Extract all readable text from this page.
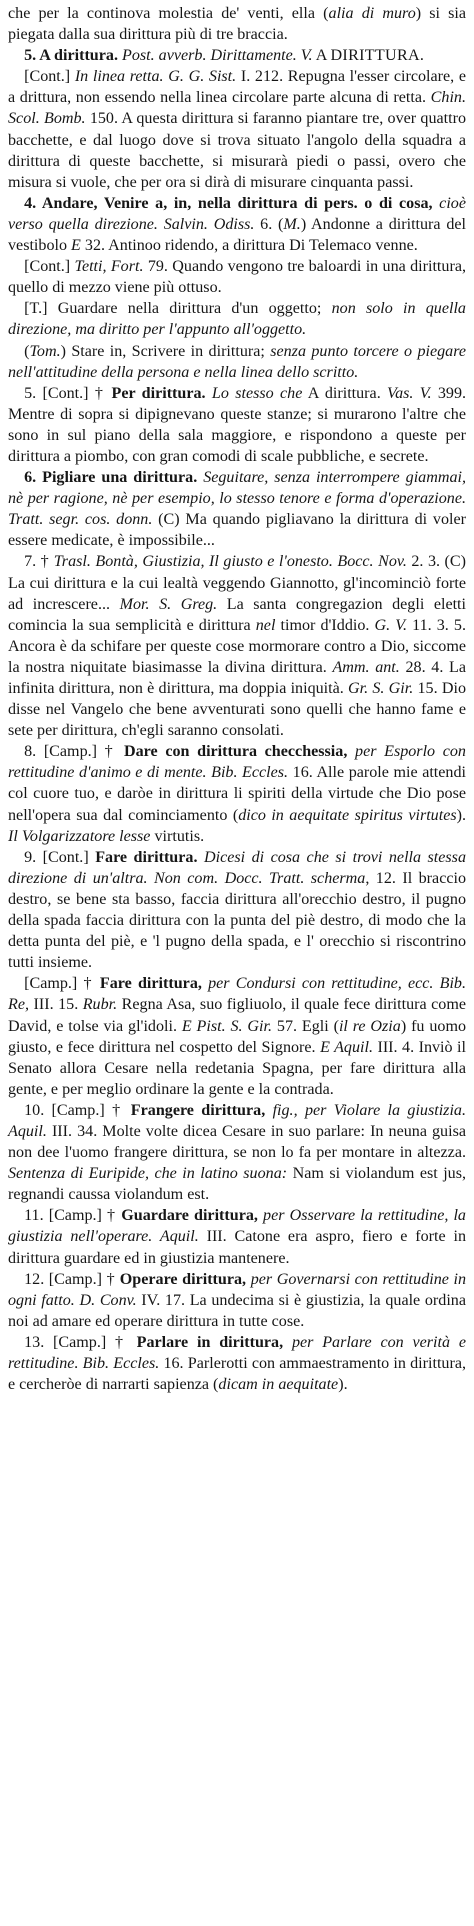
che per la continova molestia de' venti, ella (alia di muro) si sia piegata dalla sua dirittura più di tre braccia.

5. A dirittura. Post. avverb. Dirittamente. V. A DIRITTURA.

[Cont.] In linea retta. G. G. Sist. I. 212. Repugna l'esser circolare, e a drittura, non essendo nella linea circolare parte alcuna di retta. Chin. Scol. Bomb. 150. A questa dirittura si faranno piantare tre, over quattro bacchette, e dal luogo dove si trova situato l'angolo della squadra a dirittura di queste bacchette, si misurarà piedi o passi, overo che misura si vuole, che per ora si dirà di misurare cinquanta passi.

4. Andare, Venire a, in, nella dirittura di pers. o di cosa, cioè verso quella direzione. Salvin. Odiss. 6. (M.) Andonne a dirittura del vestibolo E 32. Antinoo ridendo, a dirittura Di Telemaco venne.

[Cont.] Tetti, Fort. 79. Quando vengono tre baloardi in una dirittura, quello di mezzo viene più ottuso.

[T.] Guardare nella dirittura d'un oggetto; non solo in quella direzione, ma diritto per l'appunto all'oggetto.

(Tom.) Stare in, Scrivere in dirittura; senza punto torcere o piegare nell'attitudine della persona e nella linea dello scritto.

5. [Cont.] † Per dirittura. Lo stesso che A dirittura. Vas. V. 399. Mentre di sopra si dipignevano queste stanze; si murarono l'altre che sono in sul piano della sala maggiore, e rispondono a queste per dirittura a piombo, con gran comodi di scale pubbliche, e secrete.

6. Pigliare una dirittura. Seguitare, senza interrompere giammai, nè per ragione, nè per esempio, lo stesso tenore e forma d'operazione. Tratt. segr. cos. donn. (C) Ma quando pigliavano la dirittura di voler essere medicate, è impossibile...

7. † Trasl. Bontà, Giustizia, Il giusto e l'onesto. Bocc. Nov. 2. 3. (C) La cui dirittura e la cui lealtà veggendo Giannotto, gl'incominciò forte ad increscere... Mor. S. Greg. La santa congregazion degli eletti comincia la sua semplicità e dirittura nel timor d'Iddio. G. V. 11. 3. 5. Ancora è da schifare per queste cose mormorare contro a Dio, siccome la nostra niquitate biasimasse la divina dirittura. Amm. ant. 28. 4. La infinita dirittura, non è dirittura, ma doppia iniquità. Gr. S. Gir. 15. Dio disse nel Vangelo che bene avventurati sono quelli che hanno fame e sete per dirittura, ch'egli saranno consolati.

8. [Camp.] † Dare con dirittura checchessia, per Esporlo con rettitudine d'animo e di mente. Bib. Eccles. 16. Alle parole mie attendi col cuore tuo, e daròe in dirittura li spiriti della virtude che Dio pose nell'opera sua dal cominciamento (dico in aequitate spiritus virtutes). Il Volgarizzatore lesse virtutis.

9. [Cont.] Fare dirittura. Dicesi di cosa che si trovi nella stessa direzione di un'altra. Non com. Docc. Tratt. scherma, 12. Il braccio destro, se bene sta basso, faccia dirittura all'orecchio destro, il pugno della spada faccia dirittura con la punta del piè destro, di modo che la detta punta del piè, e 'l pugno della spada, e l' orecchio si riscontrino tutti insieme.

[Camp.] † Fare dirittura, per Condursi con rettitudine, ecc. Bib. Re, III. 15. Rubr. Regna Asa, suo figliuolo, il quale fece dirittura come David, e tolse via gl'idoli. E Pist. S. Gir. 57. Egli (il re Ozia) fu uomo giusto, e fece dirittura nel cospetto del Signore. E Aquil. III. 4. Inviò il Senato allora Cesare nella redetania Spagna, per fare dirittura alla gente, e per meglio ordinare la gente e la contrada.

10. [Camp.] † Frangere dirittura, fig., per Violare la giustizia. Aquil. III. 34. Molte volte dicea Cesare in suo parlare: In neuna guisa non dee l'uomo frangere dirittura, se non lo fa per montare in altezza. Sentenza di Euripide, che in latino suona: Nam si violandum est jus, regnandi caussa violandum est.

11. [Camp.] † Guardare dirittura, per Osservare la rettitudine, la giustizia nell'operare. Aquil. III. Catone era aspro, fiero e forte in dirittura guardare ed in giustizia mantenere.

12. [Camp.] † Operare dirittura, per Governarsi con rettitudine in ogni fatto. D. Conv. IV. 17. La undecima si è giustizia, la quale ordina noi ad amare ed operare dirittura in tutte cose.

13. [Camp.] † Parlare in dirittura, per Parlare con verità e rettitudine. Bib. Eccles. 16. Parlerotti con ammaestramento in dirittura, e cercheròe di narrarti sapienza (dicam in aequitate).
